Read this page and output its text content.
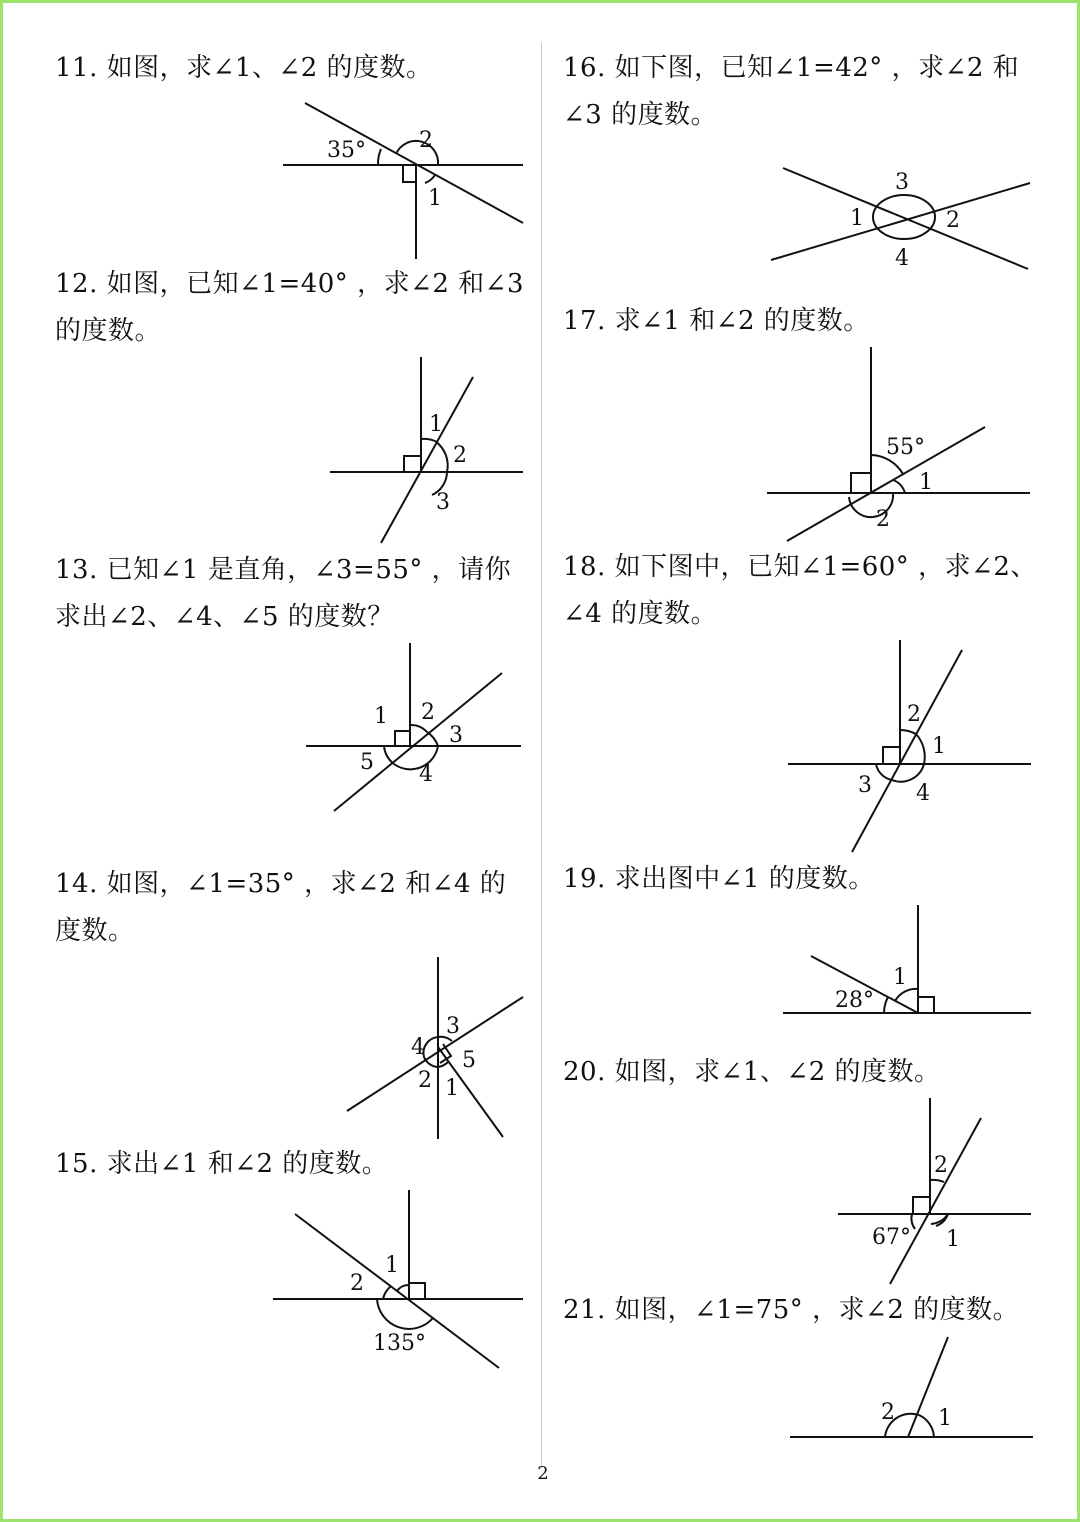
11. 如图，求∠1、∠2 的度数。
35° 2
1
12. 如图，已知∠1=40° ，求∠2 和∠3 的度数。
1
2
3
13. 已知∠1 是直角，∠3=55° ，请你求出∠2、∠4、∠5 的度数？
1 2
3
4
5
14. 如图，∠1=35° ，求∠2 和∠4 的度数。
3
4
5
2 1
15. 求出∠1 和∠2 的度数。
1
2
135°
16. 如下图，已知∠1=42° ，求∠2 和∠3 的度数。
3
1	2
4
17. 求∠1 和∠2 的度数。
55°
1
2
18. 如下图中，已知∠1=60° ，求∠2、∠4 的度数。
2
1
3 4
19. 求出图中∠1 的度数。
1
28°
20. 如图，求∠1、∠2 的度数。
2
67° 1
21. 如图，∠1=75° ，求∠2 的度数。
2 1
2
